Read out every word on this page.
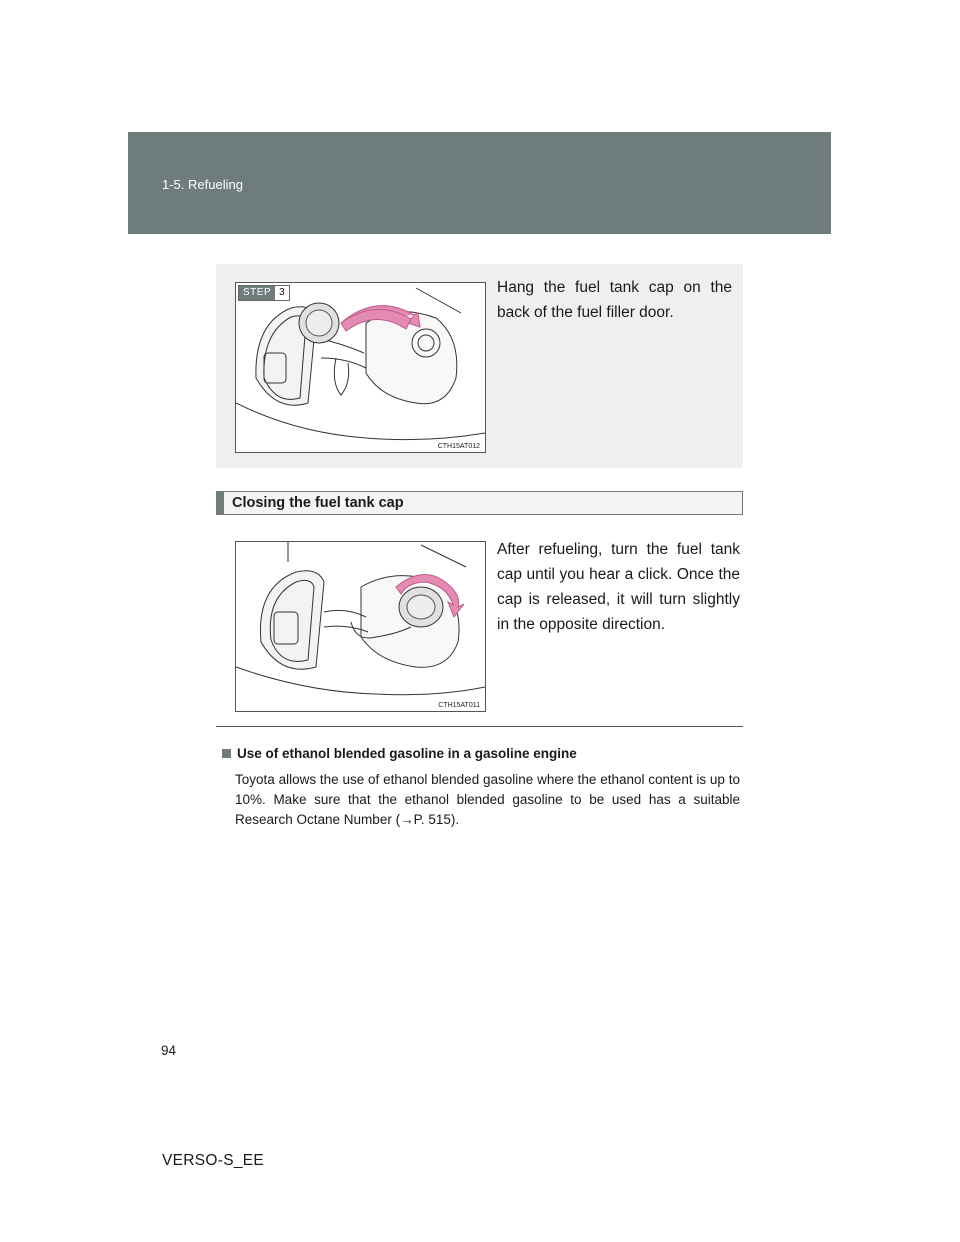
1-5. Refueling
STEP 3
CTH15AT012
Hang the fuel tank cap on the back of the fuel filler door.
Closing the fuel tank cap
CTH15AT011
After refueling, turn the fuel tank cap until you hear a click. Once the cap is released, it will turn slightly in the opposite direction.
Use of ethanol blended gasoline in a gasoline engine
Toyota allows the use of ethanol blended gasoline where the ethanol content is up to 10%. Make sure that the ethanol blended gasoline to be used has a suitable Research Octane Number (→P. 515).
94
VERSO-S_EE
